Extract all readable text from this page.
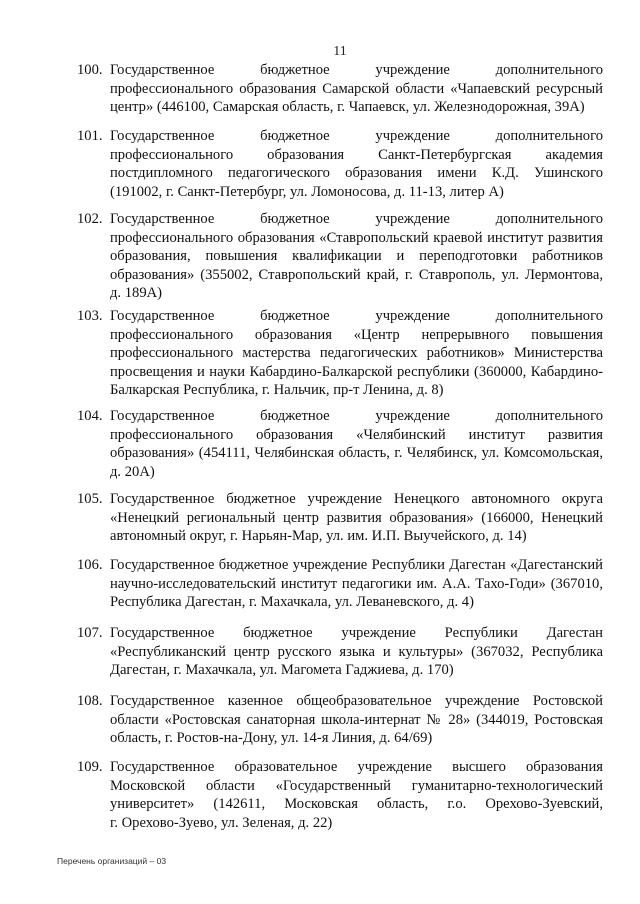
11
100. Государственное бюджетное учреждение дополнительного
профессионального образования Самарской области «Чапаевский ресурсный
центр» (446100, Самарская область, г. Чапаевск, ул. Железнодорожная, 39А)
101. Государственное бюджетное учреждение дополнительного
профессионального образования Санкт-Петербургская академия
постдипломного педагогического образования имени К.Д. Ушинского
(191002, г. Санкт-Петербург, ул. Ломоносова, д. 11-13, литер А)
102. Государственное бюджетное учреждение дополнительного
профессионального образования «Ставропольский краевой институт развития
образования, повышения квалификации и переподготовки работников
образования» (355002, Ставропольский край, г. Ставрополь, ул. Лермонтова,
д. 189А)
103. Государственное бюджетное учреждение дополнительного
профессионального образования «Центр непрерывного повышения
профессионального мастерства педагогических работников» Министерства
просвещения и науки Кабардино-Балкарской республики (360000, Кабардино-
Балкарская Республика, г. Нальчик, пр-т Ленина, д. 8)
104. Государственное бюджетное учреждение дополнительного
профессионального образования «Челябинский институт развития
образования» (454111, Челябинская область, г. Челябинск, ул. Комсомольская,
д. 20А)
105. Государственное бюджетное учреждение Ненецкого автономного округа
«Ненецкий региональный центр развития образования» (166000, Ненецкий
автономный округ, г. Нарьян-Мар, ул. им. И.П. Выучейского, д. 14)
106. Государственное бюджетное учреждение Республики Дагестан «Дагестанский
научно-исследовательский институт педагогики им. А.А. Тахо-Годи» (367010,
Республика Дагестан, г. Махачкала, ул. Леваневского, д. 4)
107. Государственное бюджетное учреждение Республики Дагестан
«Республиканский центр русского языка и культуры» (367032, Республика
Дагестан, г. Махачкала, ул. Магомета Гаджиева, д. 170)
108. Государственное казенное общеобразовательное учреждение Ростовской
области «Ростовская санаторная школа-интернат № 28» (344019, Ростовская
область, г. Ростов-на-Дону, ул. 14-я Линия, д. 64/69)
109. Государственное образовательное учреждение высшего образования
Московской области «Государственный гуманитарно-технологический
университет» (142611, Московская область, г.о. Орехово-Зуевский,
г. Орехово-Зуево, ул. Зеленая, д. 22)
Перечень организаций – 03
